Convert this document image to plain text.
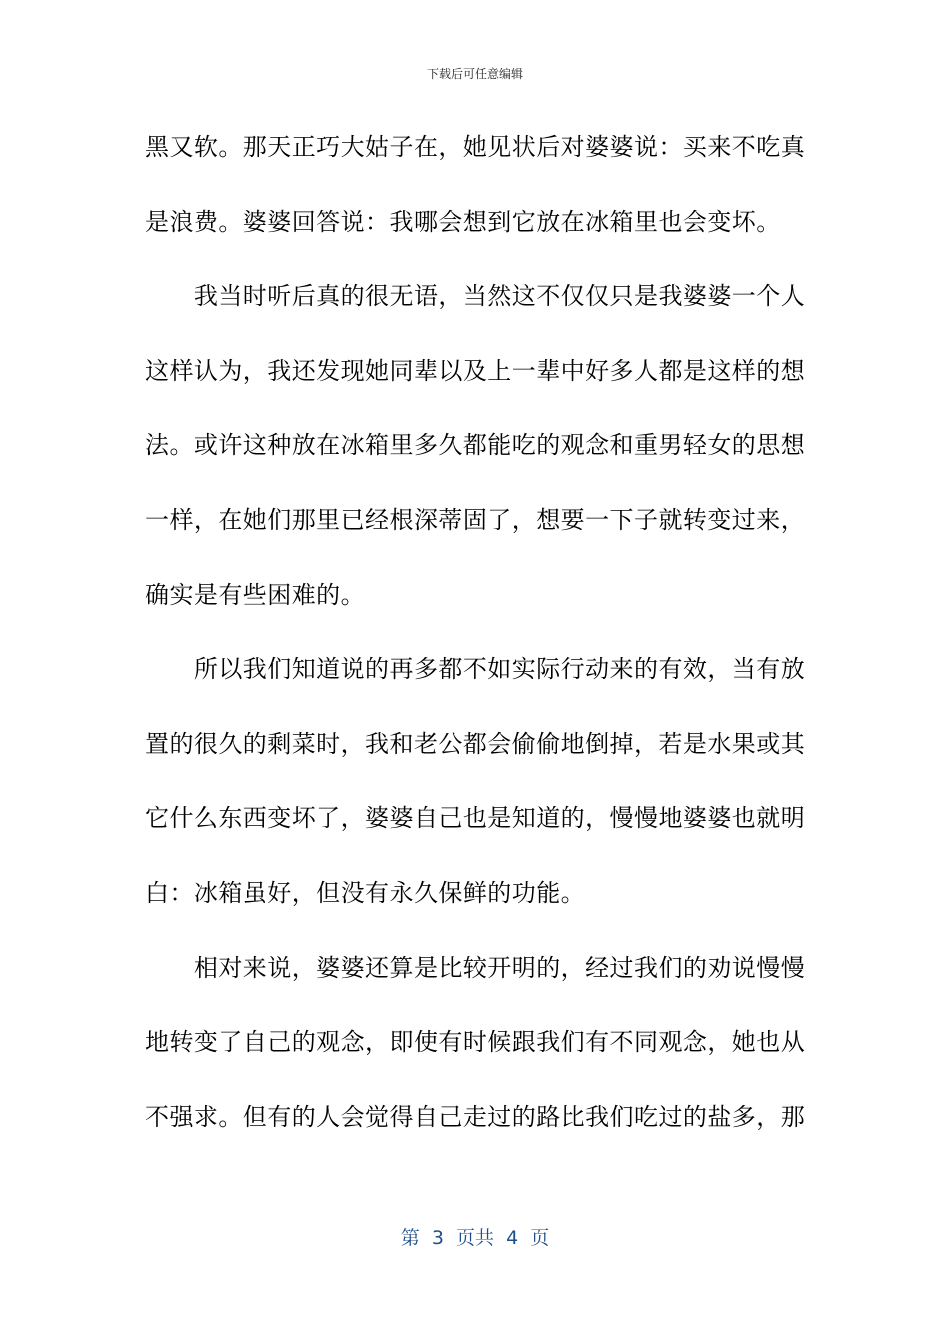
下载后可任意编辑
黑又软。那天正巧大姑子在，她见状后对婆婆说：买来不吃真
是浪费。婆婆回答说：我哪会想到它放在冰箱里也会变坏。
　　我当时听后真的很无语，当然这不仅仅只是我婆婆一个人
这样认为，我还发现她同辈以及上一辈中好多人都是这样的想
法。或许这种放在冰箱里多久都能吃的观念和重男轻女的思想
一样，在她们那里已经根深蒂固了，想要一下子就转变过来，
确实是有些困难的。
　　所以我们知道说的再多都不如实际行动来的有效，当有放
置的很久的剩菜时，我和老公都会偷偷地倒掉，若是水果或其
它什么东西变坏了，婆婆自己也是知道的，慢慢地婆婆也就明
白：冰箱虽好，但没有永久保鲜的功能。
　　相对来说，婆婆还算是比较开明的，经过我们的劝说慢慢
地转变了自己的观念，即使有时候跟我们有不同观念，她也从
不强求。但有的人会觉得自己走过的路比我们吃过的盐多，那
第  3  页共  4  页
